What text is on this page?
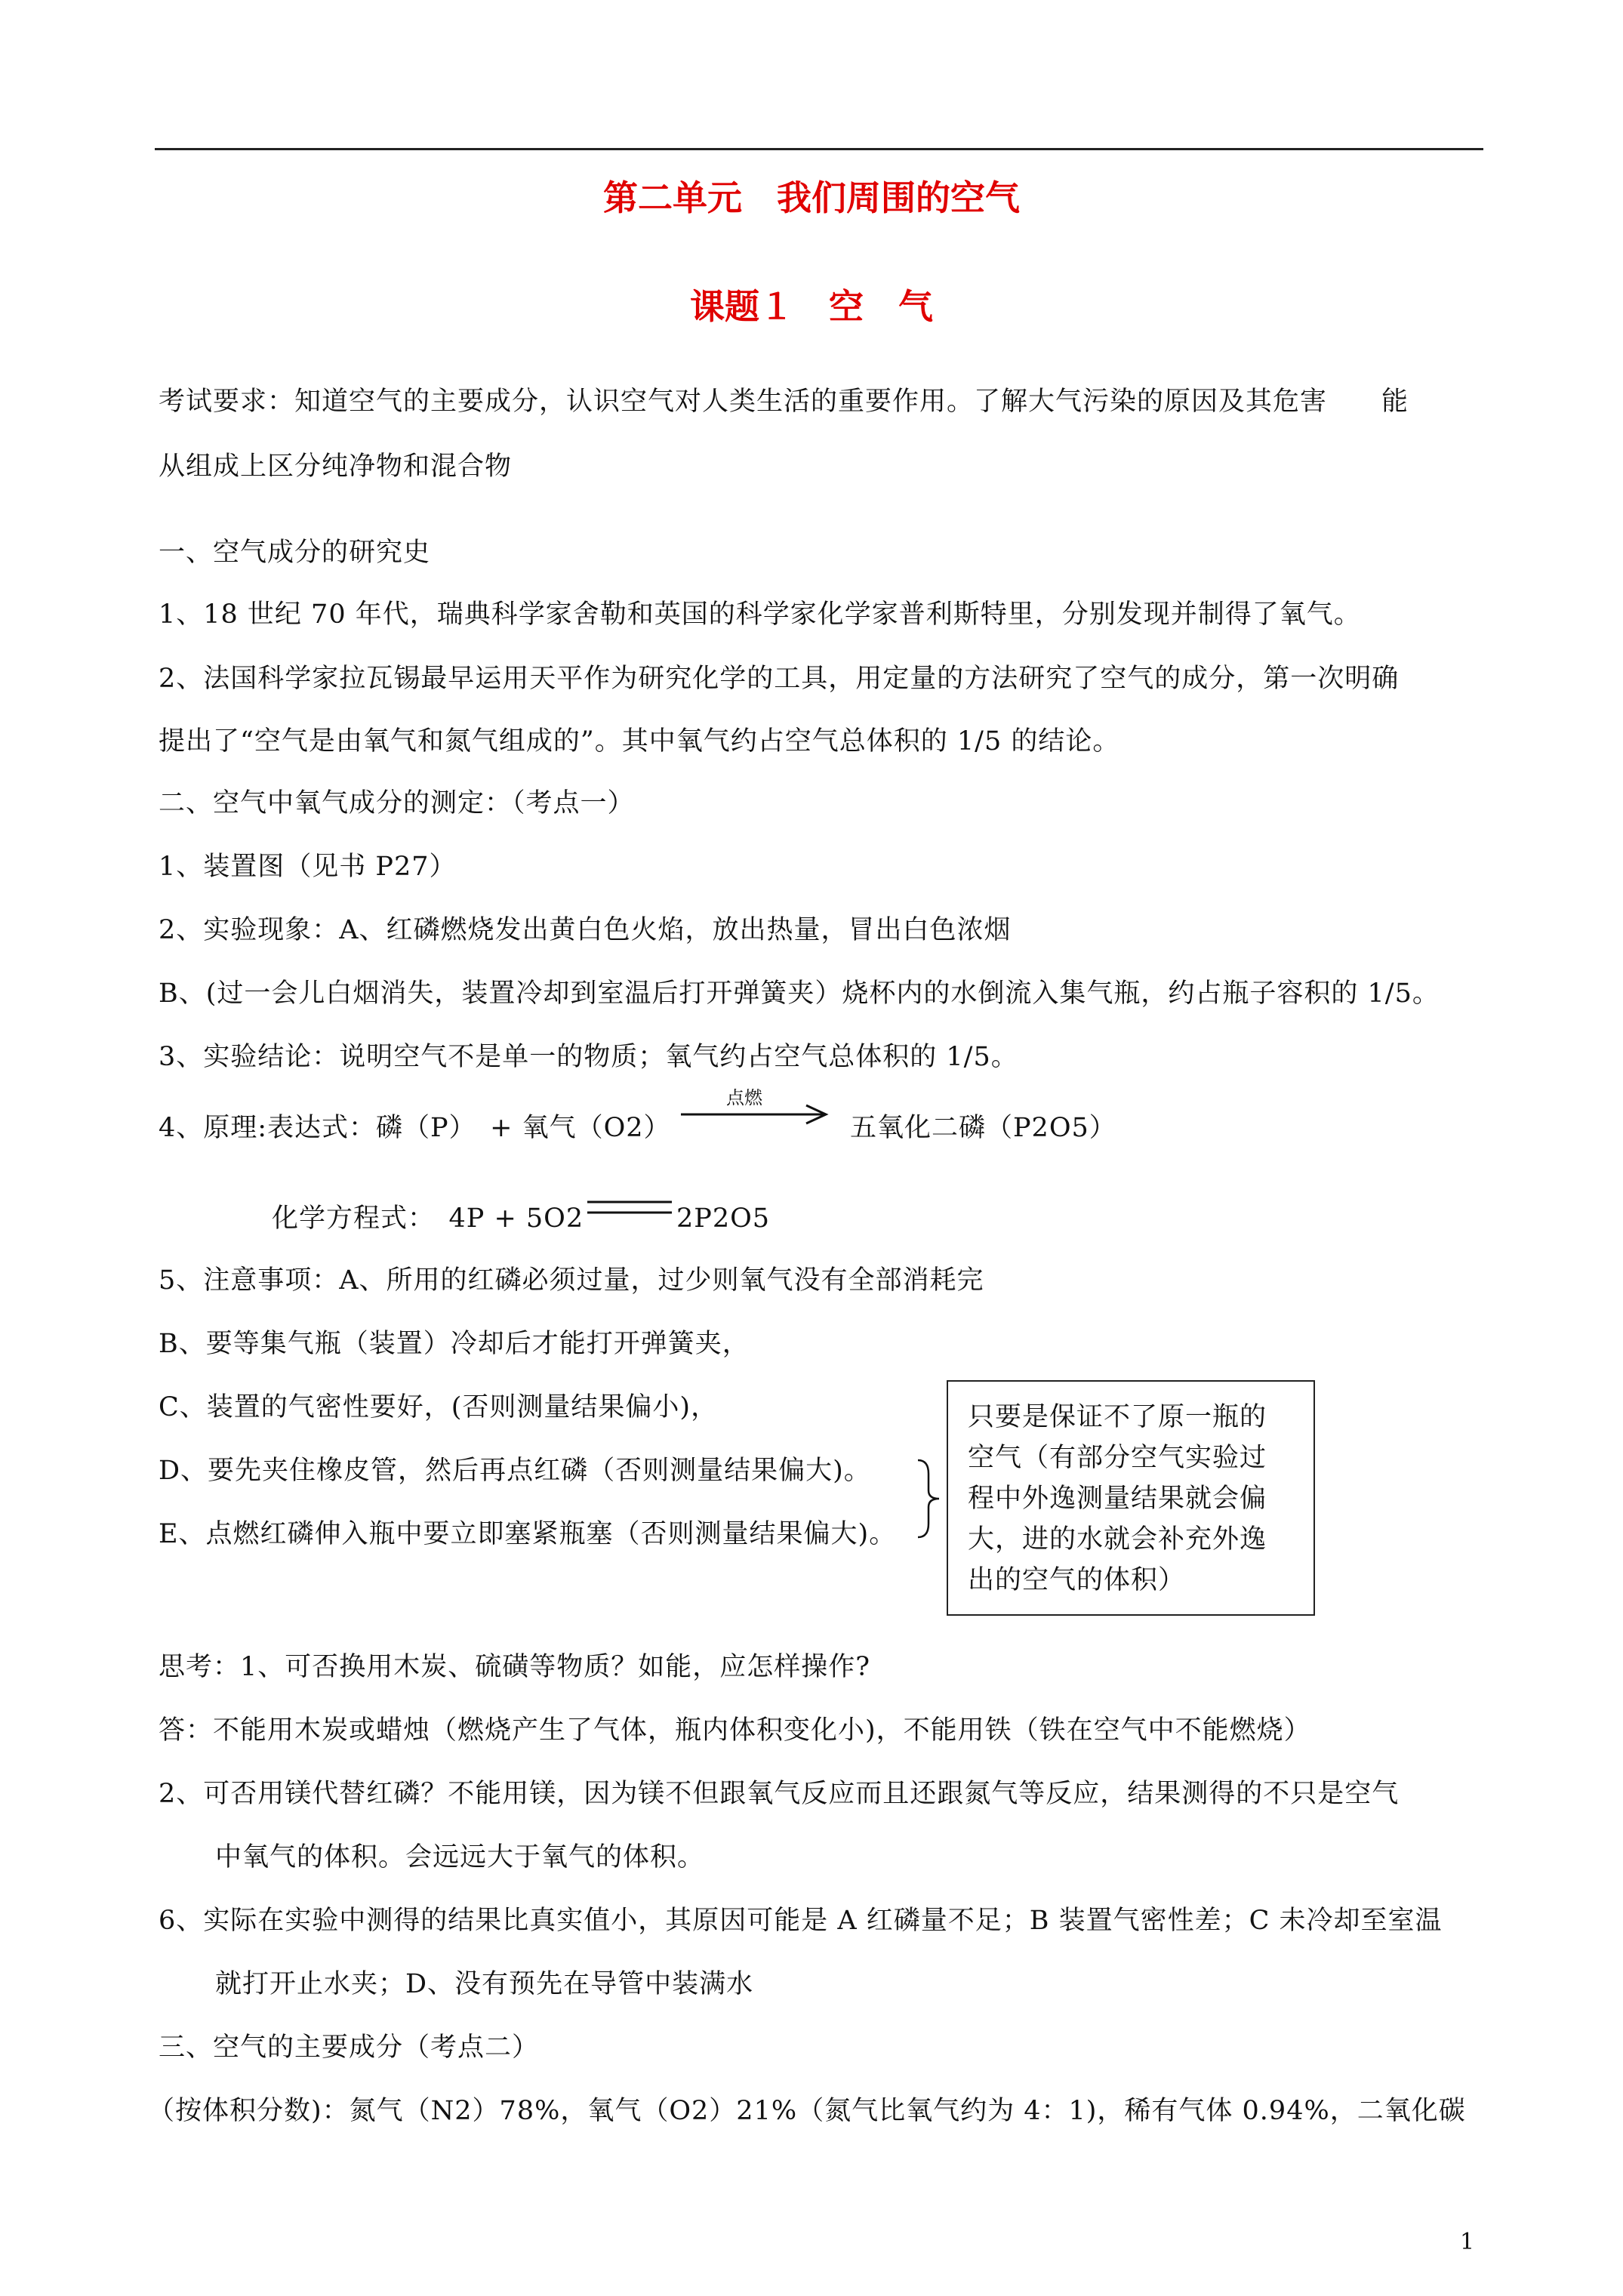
第二单元　我们周围的空气
课题１　空　气
考试要求：知道空气的主要成分，认识空气对人类生活的重要作用。了解大气污染的原因及其危害　　能
从组成上区分纯净物和混合物
一、空气成分的研究史
1、18 世纪 70 年代，瑞典科学家舍勒和英国的科学家化学家普利斯特里，分别发现并制得了氧气。
2、法国科学家拉瓦锡最早运用天平作为研究化学的工具，用定量的方法研究了空气的成分，第一次明确
提出了“空气是由氧气和氮气组成的”。其中氧气约占空气总体积的 1/5 的结论。
二、空气中氧气成分的测定：（考点一）
1、装置图（见书 P27）
2、实验现象：A、红磷燃烧发出黄白色火焰，放出热量，冒出白色浓烟
B、(过一会儿白烟消失，装置冷却到室温后打开弹簧夹）烧杯内的水倒流入集气瓶，约占瓶子容积的 1/5。
3、实验结论：说明空气不是单一的物质；氧气约占空气总体积的 1/5。
4、原理:表达式：磷（P）　+ 氧气（O2）
点燃
五氧化二磷（P2O5）
化学方程式：　4P + 5O2	2P2O5
5、注意事项：A、所用的红磷必须过量，过少则氧气没有全部消耗完
B、要等集气瓶（装置）冷却后才能打开弹簧夹，
C、装置的气密性要好，(否则测量结果偏小)，
D、要先夹住橡皮管，然后再点红磷（否则测量结果偏大)。
E、点燃红磷伸入瓶中要立即塞紧瓶塞（否则测量结果偏大)。
只要是保证不了原一瓶的
空气（有部分空气实验过
程中外逸测量结果就会偏
大，进的水就会补充外逸
出的空气的体积）
思考：1、可否换用木炭、硫磺等物质？如能，应怎样操作?
答：不能用木炭或蜡烛（燃烧产生了气体，瓶内体积变化小)，不能用铁（铁在空气中不能燃烧）
2、可否用镁代替红磷？不能用镁，因为镁不但跟氧气反应而且还跟氮气等反应，结果测得的不只是空气
中氧气的体积。会远远大于氧气的体积。
6、实际在实验中测得的结果比真实值小，其原因可能是 A 红磷量不足；B 装置气密性差；C 未冷却至室温
就打开止水夹；D、没有预先在导管中装满水
三、空气的主要成分（考点二）
（按体积分数)：氮气（N2）78%，氧气（O2）21%（氮气比氧气约为 4：1)，稀有气体 0.94%，二氧化碳
1
